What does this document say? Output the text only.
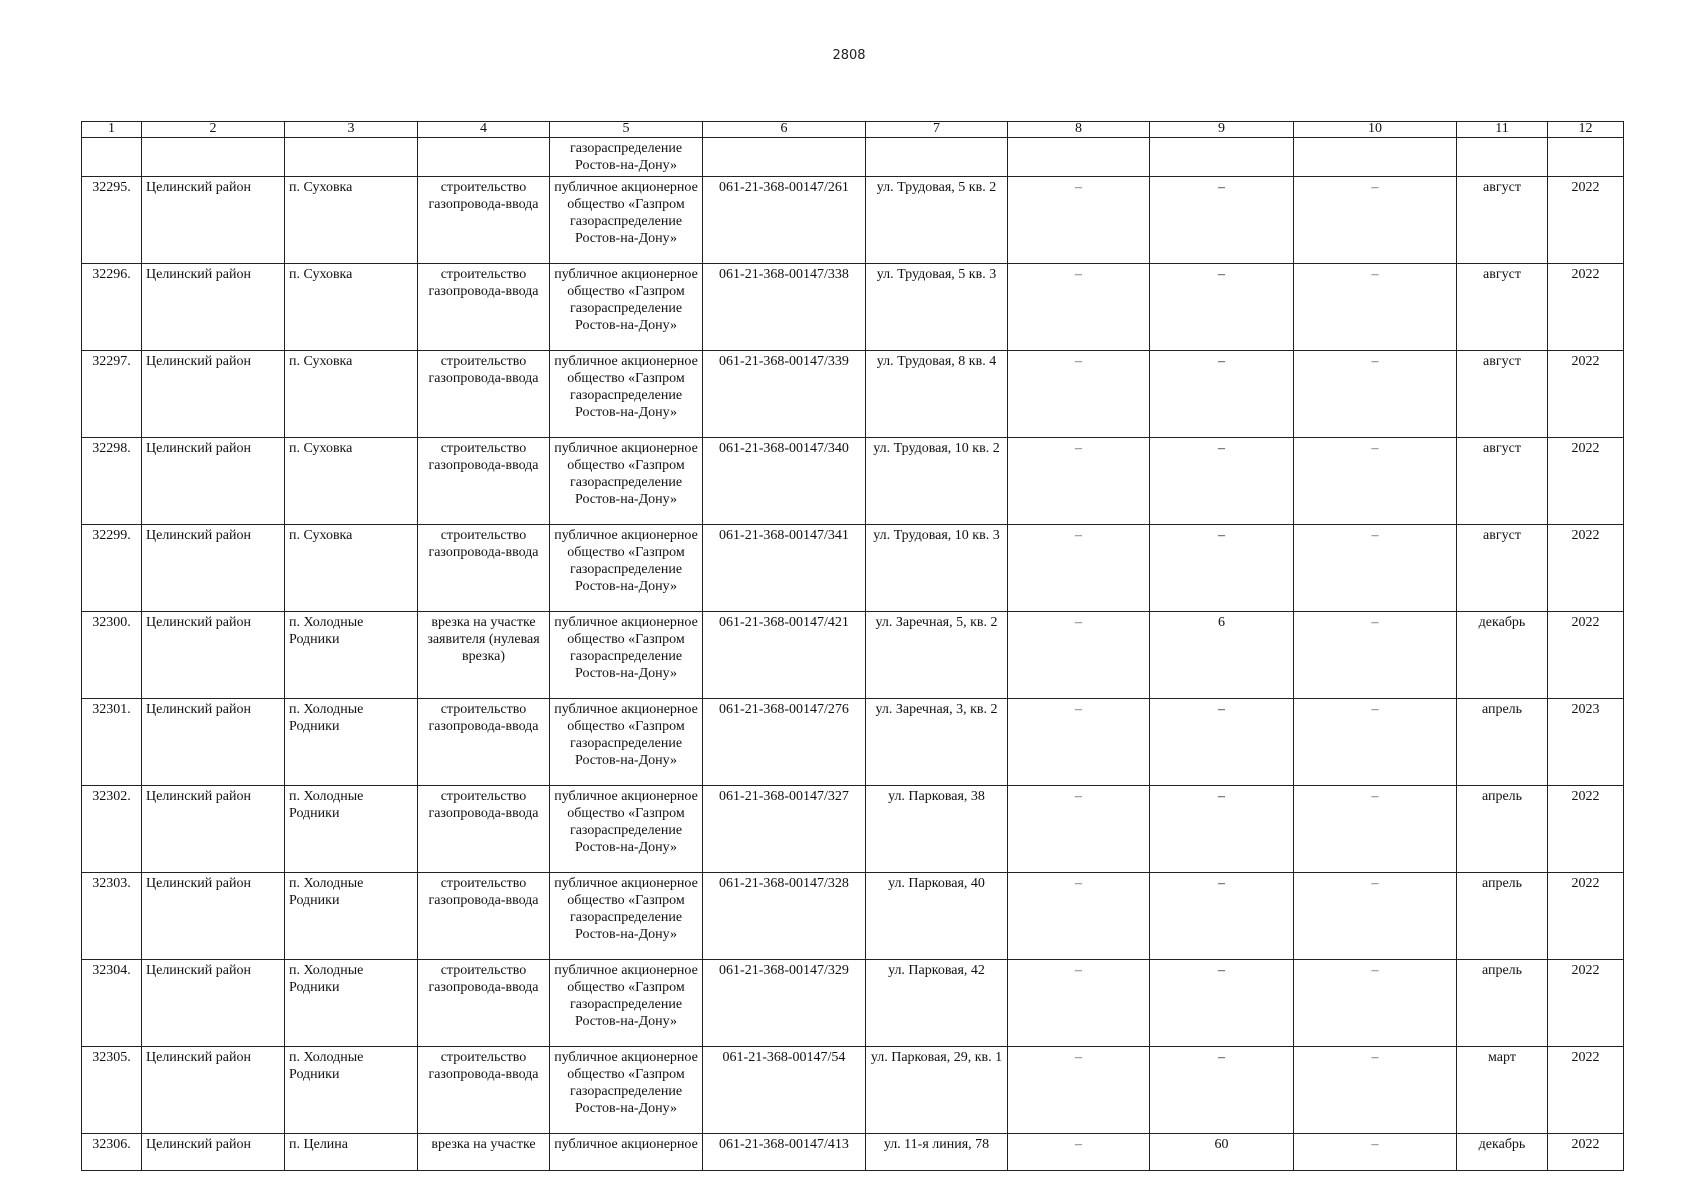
2808
1	2	3	4	5	6	7	8	9	10	11	12
				газораспределение Ростов-на-Дону»							
32295.	Целинский район	п. Суховка	строительство газопровода-ввода	публичное акционерное общество «Газпром газораспределение Ростов-на-Дону»	061-21-368-00147/261	ул. Трудовая, 5 кв. 2	–	–	–	август	2022
32296.	Целинский район	п. Суховка	строительство газопровода-ввода	публичное акционерное общество «Газпром газораспределение Ростов-на-Дону»	061-21-368-00147/338	ул. Трудовая, 5 кв. 3	–	–	–	август	2022
32297.	Целинский район	п. Суховка	строительство газопровода-ввода	публичное акционерное общество «Газпром газораспределение Ростов-на-Дону»	061-21-368-00147/339	ул. Трудовая, 8 кв. 4	–	–	–	август	2022
32298.	Целинский район	п. Суховка	строительство газопровода-ввода	публичное акционерное общество «Газпром газораспределение Ростов-на-Дону»	061-21-368-00147/340	ул. Трудовая, 10 кв. 2	–	–	–	август	2022
32299.	Целинский район	п. Суховка	строительство газопровода-ввода	публичное акционерное общество «Газпром газораспределение Ростов-на-Дону»	061-21-368-00147/341	ул. Трудовая, 10 кв. 3	–	–	–	август	2022
32300.	Целинский район	п. Холодные Родники	врезка на участке заявителя (нулевая врезка)	публичное акционерное общество «Газпром газораспределение Ростов-на-Дону»	061-21-368-00147/421	ул. Заречная, 5, кв. 2	–	6	–	декабрь	2022
32301.	Целинский район	п. Холодные Родники	строительство газопровода-ввода	публичное акционерное общество «Газпром газораспределение Ростов-на-Дону»	061-21-368-00147/276	ул. Заречная, 3, кв. 2	–	–	–	апрель	2023
32302.	Целинский район	п. Холодные Родники	строительство газопровода-ввода	публичное акционерное общество «Газпром газораспределение Ростов-на-Дону»	061-21-368-00147/327	ул. Парковая, 38	–	–	–	апрель	2022
32303.	Целинский район	п. Холодные Родники	строительство газопровода-ввода	публичное акционерное общество «Газпром газораспределение Ростов-на-Дону»	061-21-368-00147/328	ул. Парковая, 40	–	–	–	апрель	2022
32304.	Целинский район	п. Холодные Родники	строительство газопровода-ввода	публичное акционерное общество «Газпром газораспределение Ростов-на-Дону»	061-21-368-00147/329	ул. Парковая, 42	–	–	–	апрель	2022
32305.	Целинский район	п. Холодные Родники	строительство газопровода-ввода	публичное акционерное общество «Газпром газораспределение Ростов-на-Дону»	061-21-368-00147/54	ул. Парковая, 29, кв. 1	–	–	–	март	2022
32306.	Целинский район	п. Целина	врезка на участке	публичное акционерное	061-21-368-00147/413	ул. 11-я линия, 78	–	60	–	декабрь	2022
